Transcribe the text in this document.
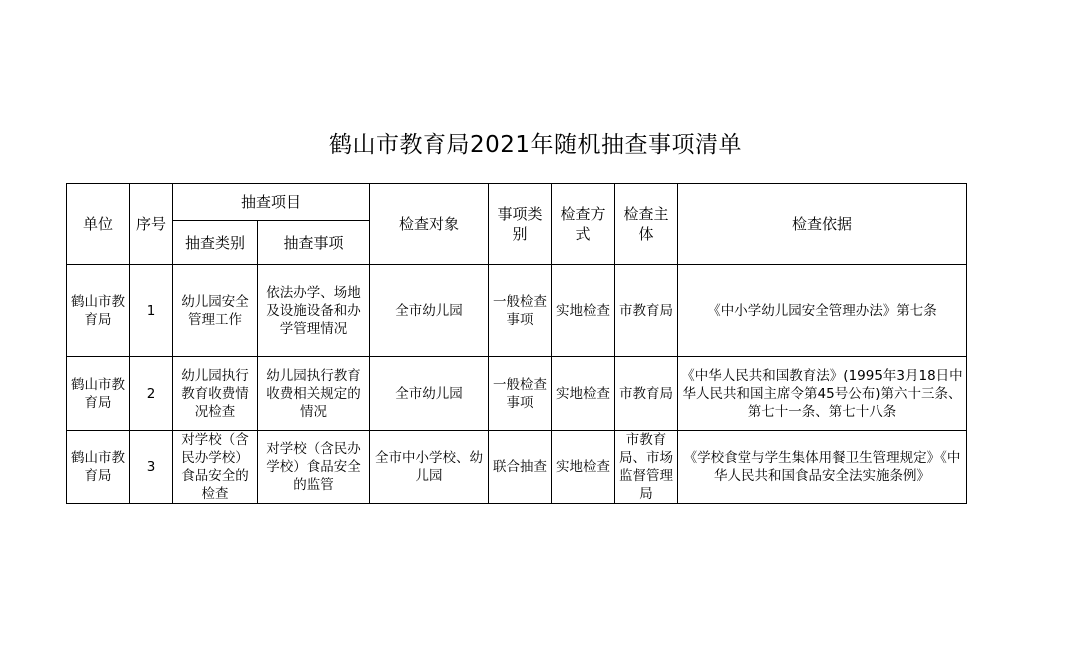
鹤山市教育局2021年随机抽查事项清单
单位	序号	抽查项目		检查对象	事项类别	检查方式	检查主体	检查依据
		抽查类别	抽查事项					
鹤山市教育局	1	幼儿园安全管理工作	依法办学、场地及设施设备和办学管理情况	全市幼儿园	一般检查事项	实地检查	市教育局	《中小学幼儿园安全管理办法》第七条
鹤山市教育局	2	幼儿园执行教育收费情况检查	幼儿园执行教育收费相关规定的情况	全市幼儿园	一般检查事项	实地检查	市教育局	《中华人民共和国教育法》(1995年3月18日中华人民共和国主席令第45号公布)第六十三条、第七十一条、第七十八条
鹤山市教育局	3	对学校（含民办学校）食品安全的检查	对学校（含民办学校）食品安全的监管	全市中小学校、幼儿园	联合抽查	实地检查	市教育局、市场监督管理局	《学校食堂与学生集体用餐卫生管理规定》《中华人民共和国食品安全法实施条例》
